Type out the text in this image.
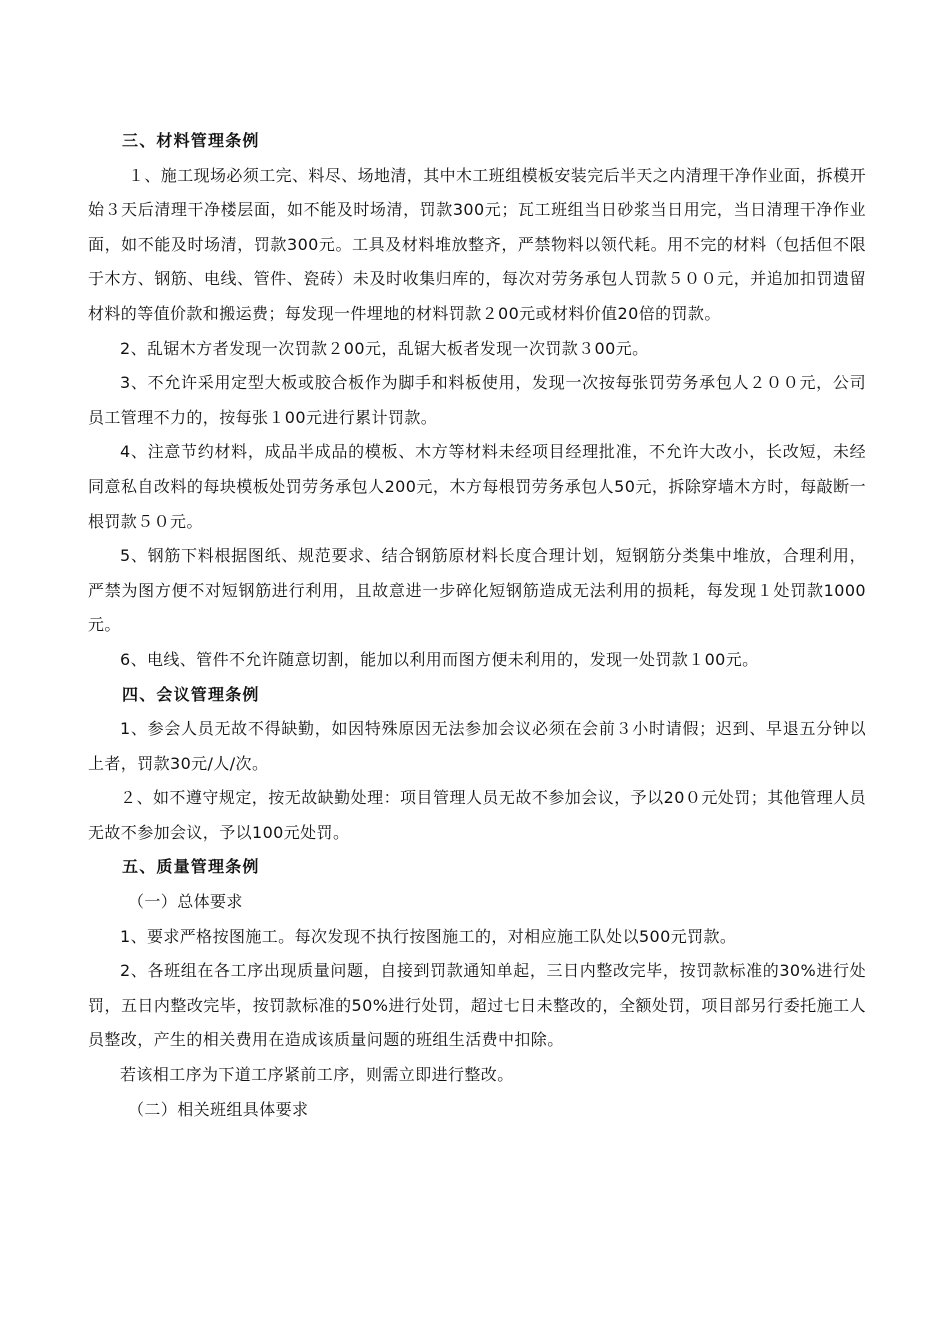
三、材料管理条例

１、施工现场必须工完、料尽、场地清，其中木工班组模板安装完后半天之内清理干净作业面，拆模开始３天后清理干净楼层面，如不能及时场清，罚款300元；瓦工班组当日砂浆当日用完，当日清理干净作业面，如不能及时场清，罚款300元。工具及材料堆放整齐，严禁物料以领代耗。用不完的材料（包括但不限于木方、钢筋、电线、管件、瓷砖）未及时收集归库的，每次对劳务承包人罚款５００元，并追加扣罚遗留材料的等值价款和搬运费；每发现一件埋地的材料罚款２00元或材料价值20倍的罚款。

2、乱锯木方者发现一次罚款２00元，乱锯大板者发现一次罚款３00元。

3、不允许采用定型大板或胶合板作为脚手和料板使用，发现一次按每张罚劳务承包人２００元，公司员工管理不力的，按每张１00元进行累计罚款。

4、注意节约材料，成品半成品的模板、木方等材料未经项目经理批准，不允许大改小，长改短，未经同意私自改料的每块模板处罚劳务承包人200元，木方每根罚劳务承包人50元，拆除穿墙木方时，每敲断一根罚款５０元。

5、钢筋下料根据图纸、规范要求、结合钢筋原材料长度合理计划，短钢筋分类集中堆放，合理利用，严禁为图方便不对短钢筋进行利用，且故意进一步碎化短钢筋造成无法利用的损耗，每发现１处罚款1000元。

6、电线、管件不允许随意切割，能加以利用而图方便未利用的，发现一处罚款１00元。

四、会议管理条例

1、参会人员无故不得缺勤，如因特殊原因无法参加会议必须在会前３小时请假；迟到、早退五分钟以上者，罚款30元/人/次。

２、如不遵守规定，按无故缺勤处理：项目管理人员无故不参加会议，予以20０元处罚；其他管理人员无故不参加会议，予以100元处罚。

五、质量管理条例

（一）总体要求

1、要求严格按图施工。每次发现不执行按图施工的，对相应施工队处以500元罚款。

2、各班组在各工序出现质量问题，自接到罚款通知单起，三日内整改完毕，按罚款标准的30%进行处罚，五日内整改完毕，按罚款标准的50%进行处罚，超过七日未整改的，全额处罚，项目部另行委托施工人员整改，产生的相关费用在造成该质量问题的班组生活费中扣除。

若该相工序为下道工序紧前工序，则需立即进行整改。

（二）相关班组具体要求
